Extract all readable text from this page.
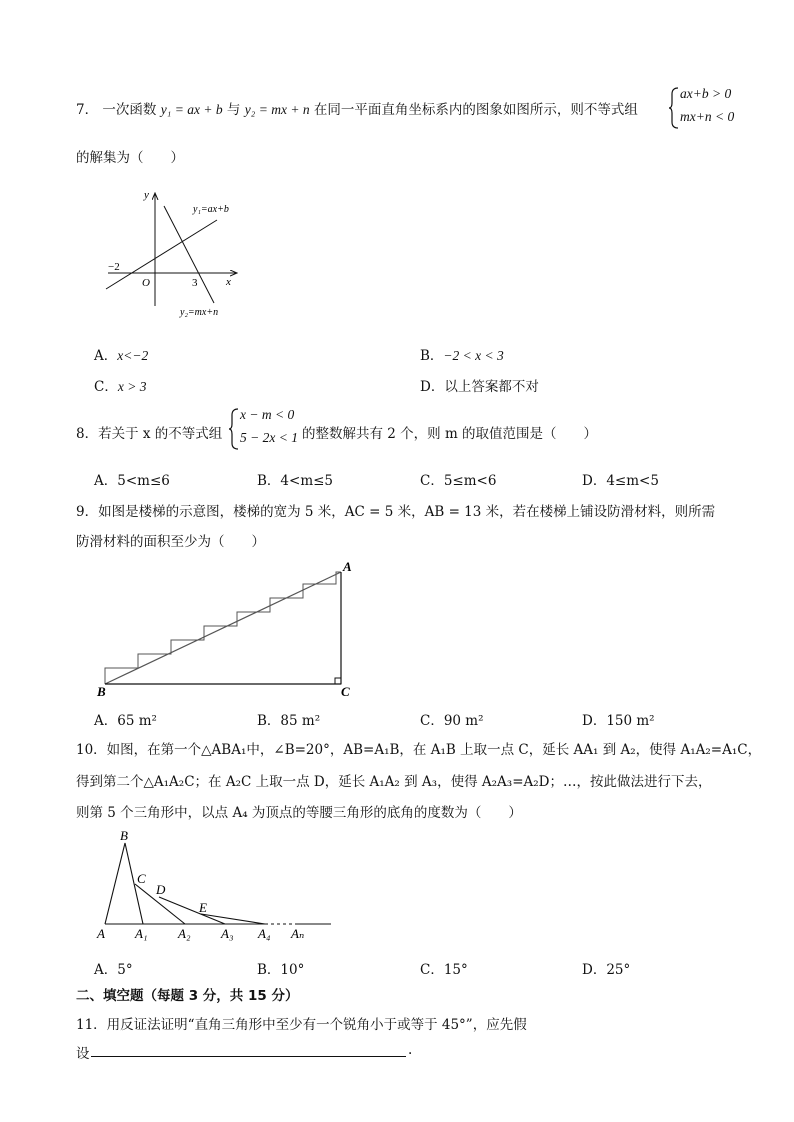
7． 一次函数 y₁ = ax + b 与 y₂ = mx + n 在同一平面直角坐标系内的图象如图所示，则不等式组
ax+b > 0
mx+n < 0
的解集为（　　）
y
x
O
−2
3
y₁=ax+b
y₂=mx+n
A．x<−2	B．−2 < x < 3
C．x > 3	D．以上答案都不对
8．若关于 x 的不等式组
x − m < 0
5 − 2x < 1 的整数解共有 2 个，则 m 的取值范围是（　　）
A．5<m≤6	B．4<m≤5	C．5≤m<6	D．4≤m<5
9．如图是楼梯的示意图，楼梯的宽为 5 米，AC = 5 米，AB = 13 米，若在楼梯上铺设防滑材料，则所需
防滑材料的面积至少为（　　）
A
B	C
A．65 m²	B．85 m²	C．90 m²	D．150 m²
10．如图，在第一个△ABA₁中，∠B=20°，AB=A₁B，在 A₁B 上取一点 C，延长 AA₁ 到 A₂，使得 A₁A₂=A₁C，
得到第二个△A₁A₂C；在 A₂C 上取一点 D，延长 A₁A₂ 到 A₃，使得 A₂A₃=A₂D；…，按此做法进行下去，
则第 5 个三角形中，以点 A₄ 为顶点的等腰三角形的底角的度数为（　　）
B
C
D
E
A A₁ A₂ A₃ A₄ Aₙ
A．5°	B．10°	C．15°	D．25°
二、填空题（每题 3 分，共 15 分）
11．用反证法证明“直角三角形中至少有一个锐角小于或等于 45°”，应先假
设	.
